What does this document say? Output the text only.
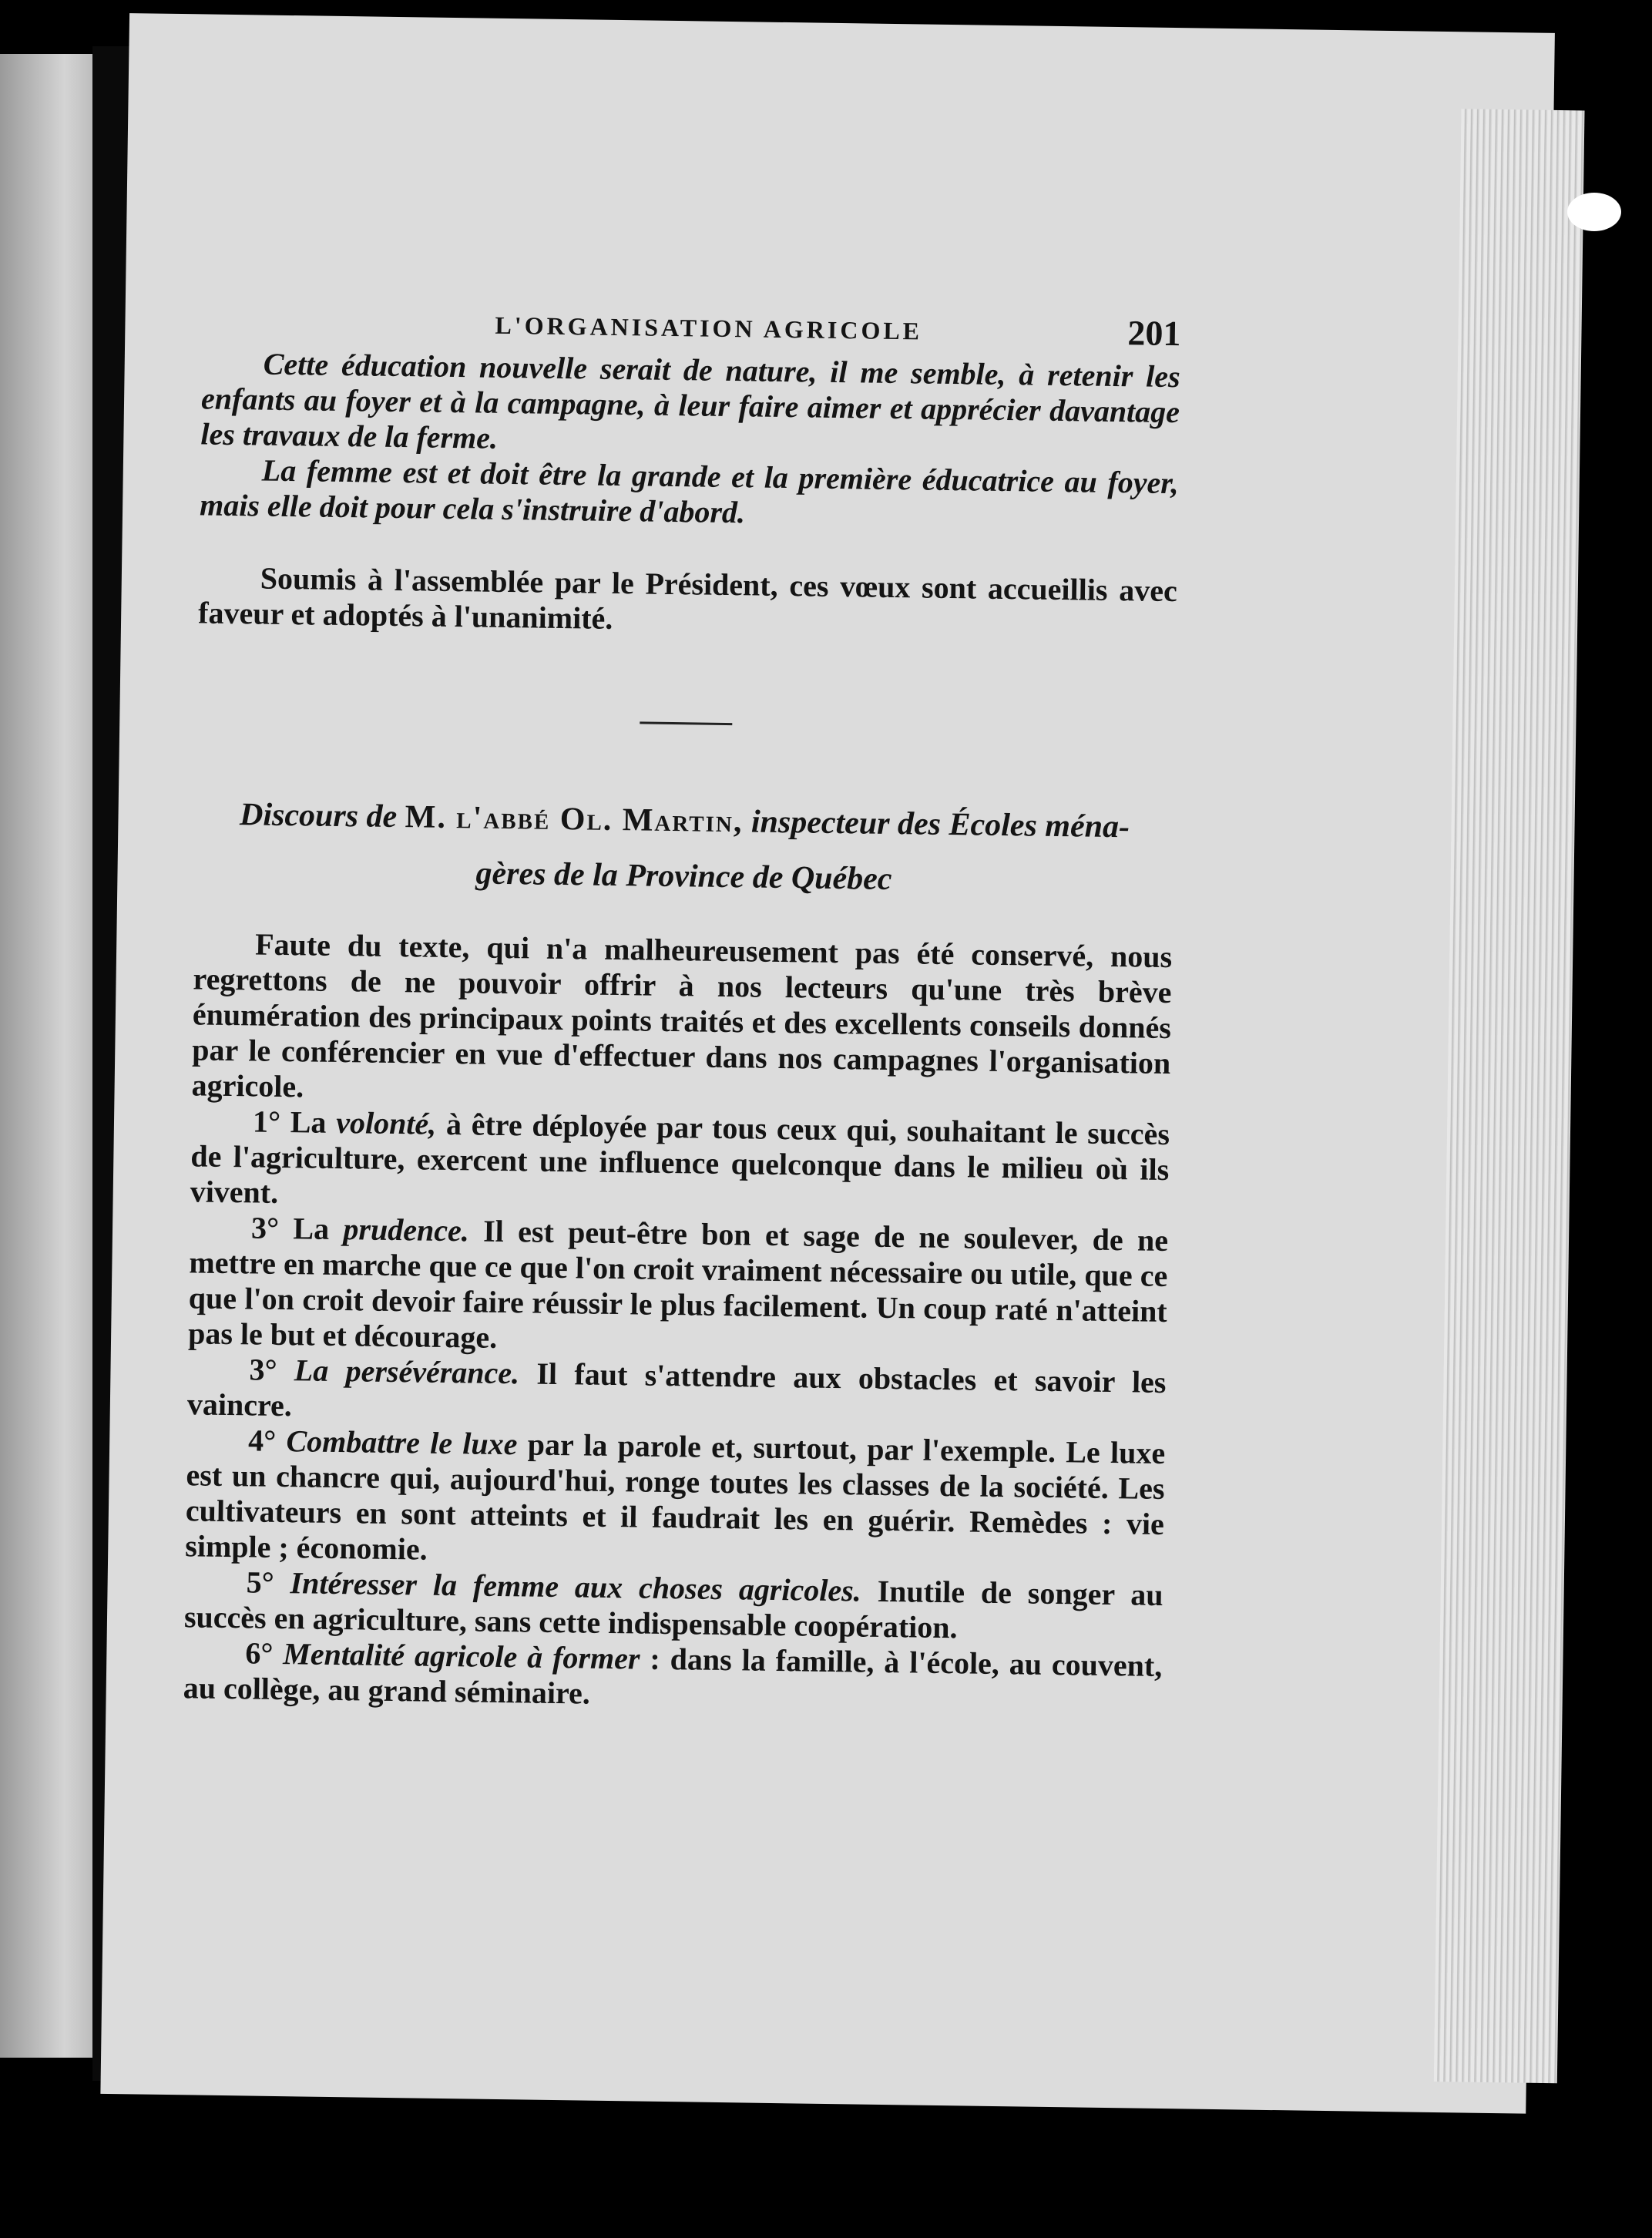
L'ORGANISATION AGRICOLE	201

Cette éducation nouvelle serait de nature, il me semble, à retenir les enfants au foyer et à la campagne, à leur faire aimer et apprécier davantage les travaux de la ferme.

La femme est et doit être la grande et la première éducatrice au foyer, mais elle doit pour cela s'instruire d'abord.

Soumis à l'assemblée par le Président, ces vœux sont accueillis avec faveur et adoptés à l'unanimité.

Discours de M. l'abbé Ol. Martin, inspecteur des Écoles ména-
gères de la Province de Québec

Faute du texte, qui n'a malheureusement pas été conservé, nous regrettons de ne pouvoir offrir à nos lecteurs qu'une très brève énumération des principaux points traités et des excellents conseils donnés par le conférencier en vue d'effectuer dans nos campagnes l'organisation agricole.

1° La volonté, à être déployée par tous ceux qui, souhaitant le succès de l'agriculture, exercent une influence quelconque dans le milieu où ils vivent.

3° La prudence. Il est peut-être bon et sage de ne soulever, de ne mettre en marche que ce que l'on croit vraiment nécessaire ou utile, que ce que l'on croit devoir faire réussir le plus facilement. Un coup raté n'atteint pas le but et décourage.

3° La persévérance. Il faut s'attendre aux obstacles et savoir les vaincre.

4° Combattre le luxe par la parole et, surtout, par l'exemple. Le luxe est un chancre qui, aujourd'hui, ronge toutes les classes de la société. Les cultivateurs en sont atteints et il faudrait les en guérir. Remèdes : vie simple ; économie.

5° Intéresser la femme aux choses agricoles. Inutile de songer au succès en agriculture, sans cette indispensable coopération.

6° Mentalité agricole à former : dans la famille, à l'école, au couvent, au collège, au grand séminaire.
